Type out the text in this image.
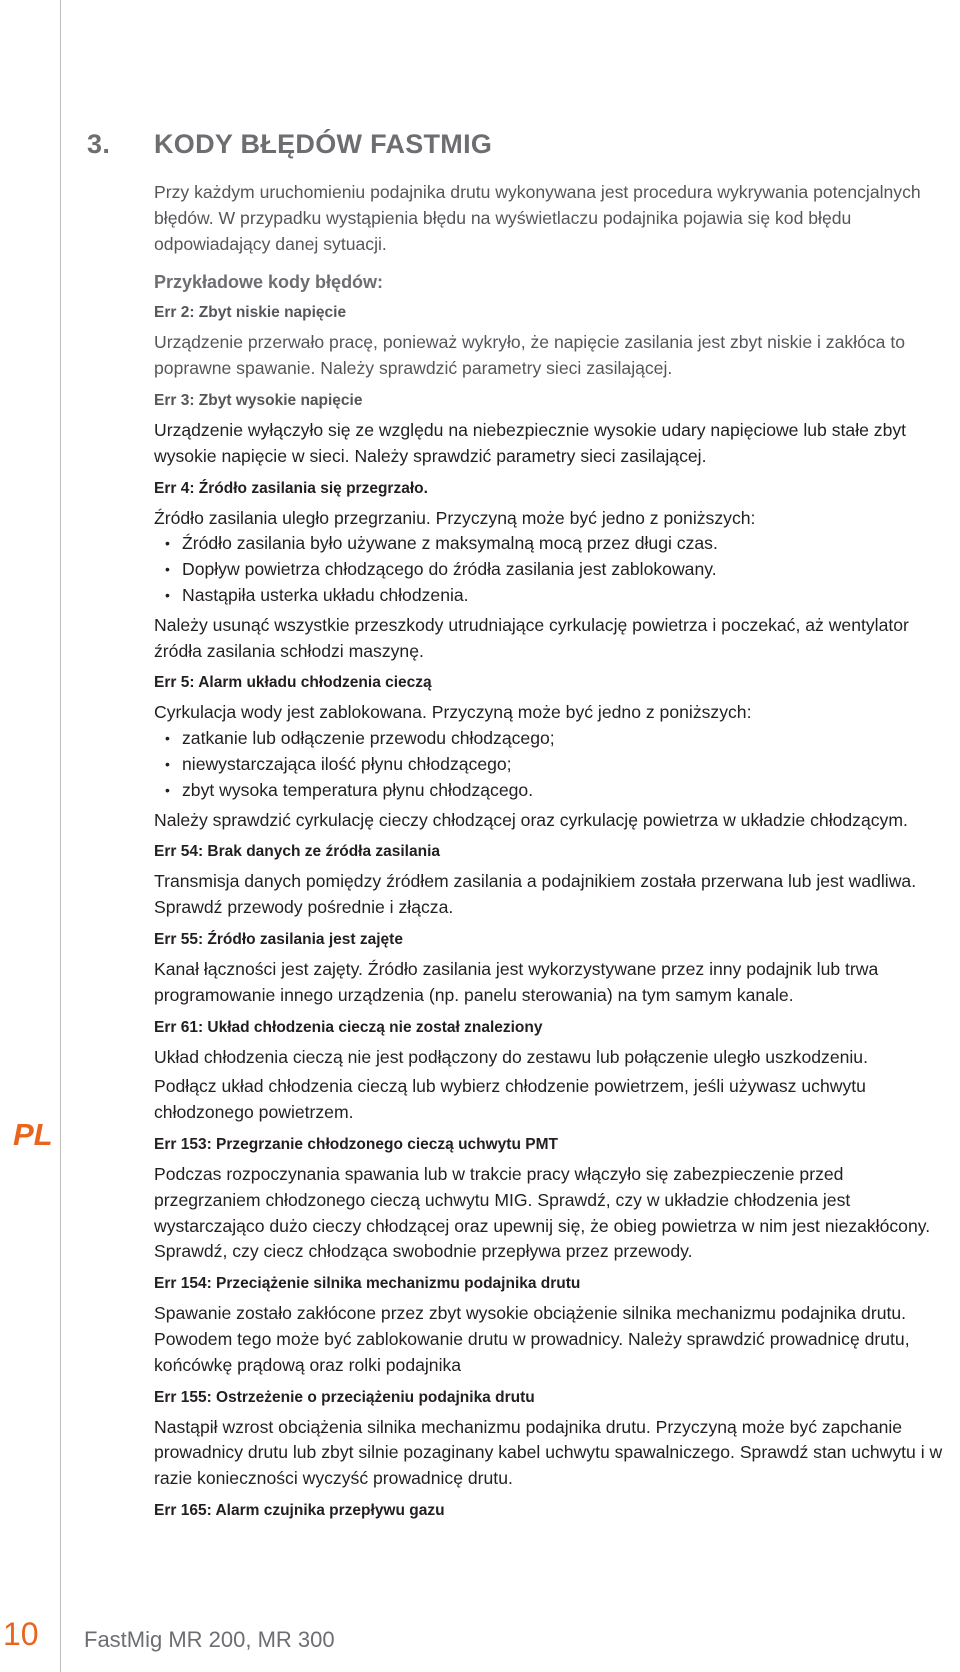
PL
3. KODY BŁĘDÓW FASTMIG

Przy każdym uruchomieniu podajnika drutu wykonywana jest procedura wykrywania potencjalnych błędów. W przypadku wystąpienia błędu na wyświetlaczu podajnika pojawia się kod błędu odpowiadający danej sytuacji.

Przykładowe kody błędów:
Err 2: Zbyt niskie napięcie

Urządzenie przerwało pracę, ponieważ wykryło, że napięcie zasilania jest zbyt niskie i zakłóca to poprawne spawanie. Należy sprawdzić parametry sieci zasilającej.

Err 3: Zbyt wysokie napięcie

Urządzenie wyłączyło się ze względu na niebezpiecznie wysokie udary napięciowe lub stałe zbyt wysokie napięcie w sieci. Należy sprawdzić parametry sieci zasilającej.

Err 4: Źródło zasilania się przegrzało.

Źródło zasilania uległo przegrzaniu. Przyczyną może być jedno z poniższych:

• Źródło zasilania było używane z maksymalną mocą przez długi czas.
• Dopływ powietrza chłodzącego do źródła zasilania jest zablokowany.
• Nastąpiła usterka układu chłodzenia.

Należy usunąć wszystkie przeszkody utrudniające cyrkulację powietrza i poczekać, aż wentylator źródła zasilania schłodzi maszynę.

Err 5: Alarm układu chłodzenia cieczą

Cyrkulacja wody jest zablokowana. Przyczyną może być jedno z poniższych:

• zatkanie lub odłączenie przewodu chłodzącego;
• niewystarczająca ilość płynu chłodzącego;
• zbyt wysoka temperatura płynu chłodzącego.

Należy sprawdzić cyrkulację cieczy chłodzącej oraz cyrkulację powietrza w układzie chłodzącym.

Err 54: Brak danych ze źródła zasilania

Transmisja danych pomiędzy źródłem zasilania a podajnikiem została przerwana lub jest wadliwa. Sprawdź przewody pośrednie i złącza.

Err 55: Źródło zasilania jest zajęte

Kanał łączności jest zajęty. Źródło zasilania jest wykorzystywane przez inny podajnik lub trwa programowanie innego urządzenia (np. panelu sterowania) na tym samym kanale.

Err 61: Układ chłodzenia cieczą nie został znaleziony

Układ chłodzenia cieczą nie jest podłączony do zestawu lub połączenie uległo uszkodzeniu.

Podłącz układ chłodzenia cieczą lub wybierz chłodzenie powietrzem, jeśli używasz uchwytu chłodzonego powietrzem.

Err 153: Przegrzanie chłodzonego cieczą uchwytu PMT

Podczas rozpoczynania spawania lub w trakcie pracy włączyło się zabezpieczenie przed przegrzaniem chłodzonego cieczą uchwytu MIG. Sprawdź, czy w układzie chłodzenia jest wystarczająco dużo cieczy chłodzącej oraz upewnij się, że obieg powietrza w nim jest niezakłócony. Sprawdź, czy ciecz chłodząca swobodnie przepływa przez przewody.

Err 154: Przeciążenie silnika mechanizmu podajnika drutu

Spawanie zostało zakłócone przez zbyt wysokie obciążenie silnika mechanizmu podajnika drutu. Powodem tego może być zablokowanie drutu w prowadnicy. Należy sprawdzić prowadnicę drutu, końcówkę prądową oraz rolki podajnika

Err 155: Ostrzeżenie o przeciążeniu podajnika drutu

Nastąpił wzrost obciążenia silnika mechanizmu podajnika drutu. Przyczyną może być zapchanie prowadnicy drutu lub zbyt silnie pozaginany kabel uchwytu spawalniczego. Sprawdź stan uchwytu i w razie konieczności wyczyść prowadnicę drutu.

Err 165: Alarm czujnika przepływu gazu
10 FastMig MR 200, MR 300
